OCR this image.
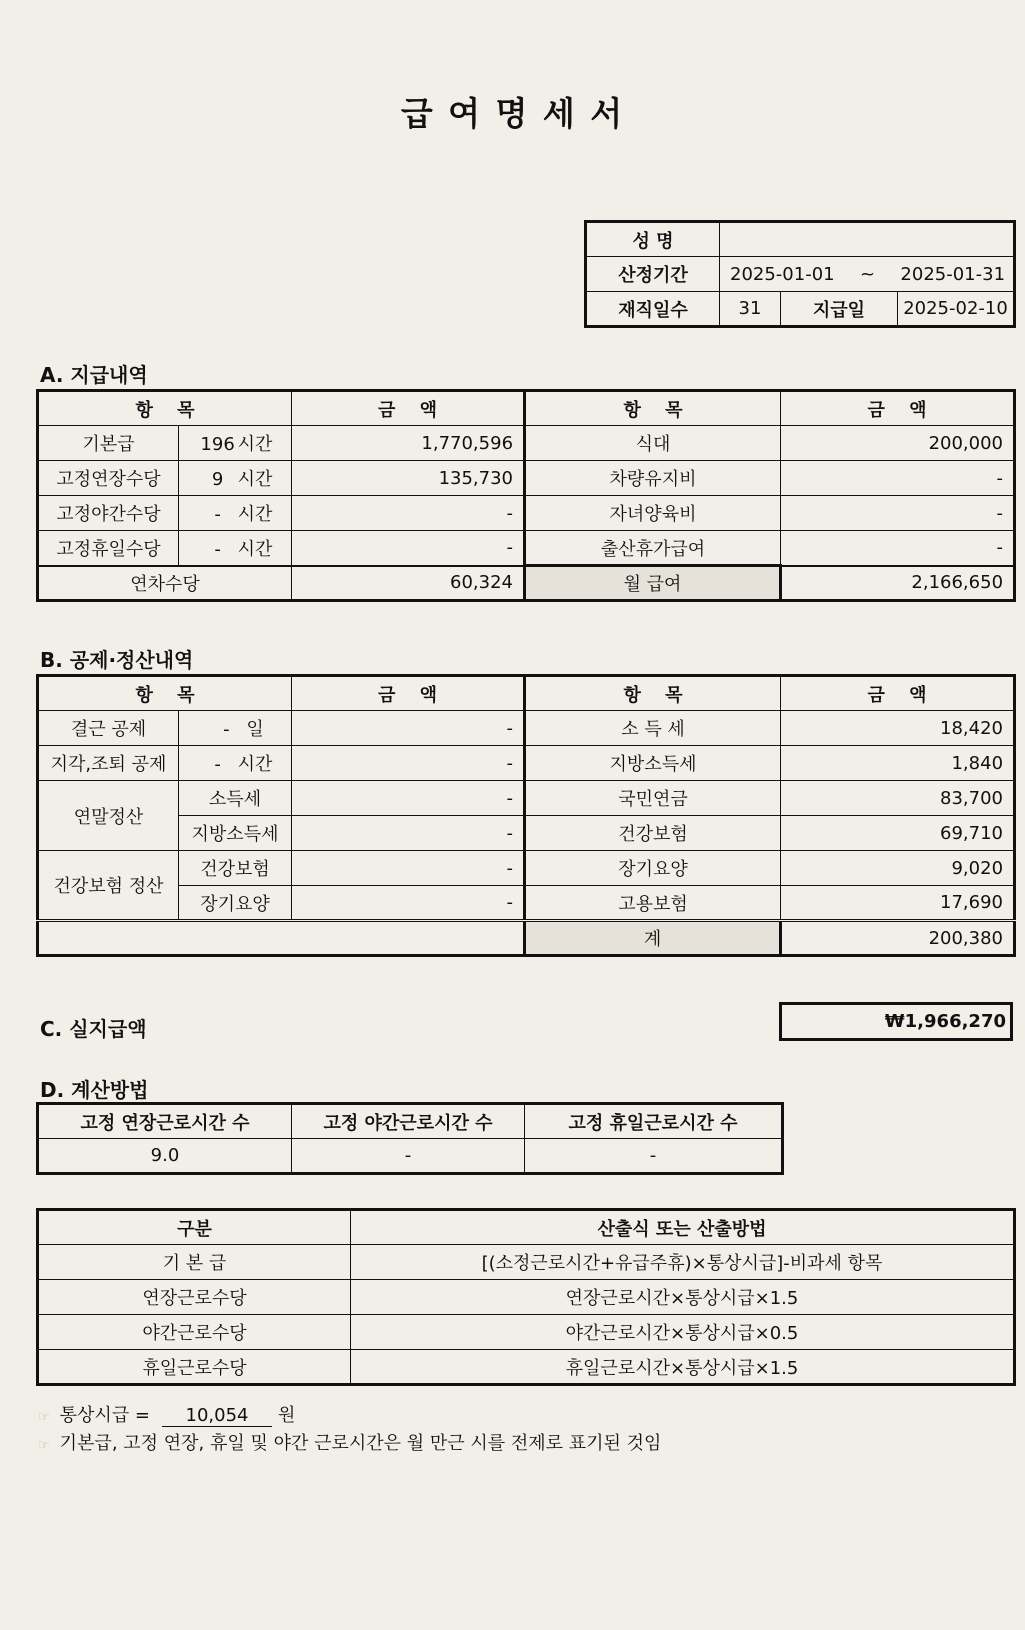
급 여 명 세 서
성 명			
산정기간	2025-01-01 ~ 2025-01-31		

재직일수	31	지급일	2025-02-10
A. 지급내역
항　 목		금　 액	항　 목	금　 액
기본급	196 시간	1,770,596	식대	200,000
고정연장수당	9 시간	135,730	차량유지비	-
고정야간수당	- 시간	-	자녀양육비	-
고정휴일수당	- 시간	-	출산휴가급여	-
연차수당		60,324	월 급여	2,166,650
B. 공제·정산내역
항　 목		금　 액	항　 목	금　 액
결근 공제	- 일	-	소 득 세	18,420
지각,조퇴 공제	- 시간	-	지방소득세	1,840
연말정산	소득세	-	국민연금	83,700
	지방소득세	-	건강보험	69,710
건강보험 정산	건강보험	-	장기요양	9,020
	장기요양	-	고용보험	17,690
			계	200,380
C. 실지급액	₩1,966,270
D. 계산방법
고정 연장근로시간 수	고정 야간근로시간 수	고정 휴일근로시간 수
9.0	-	-
구분	산출식 또는 산출방법
기 본 급	[(소정근로시간+유급주휴)×통상시급]-비과세 항목
연장근로수당	연장근로시간×통상시급×1.5
야간근로수당	야간근로시간×통상시급×0.5
휴일근로수당	휴일근로시간×통상시급×1.5
☞ 통상시급 = 10,054 원
☞ 기본급, 고정 연장, 휴일 및 야간 근로시간은 월 만근 시를 전제로 표기된 것임
